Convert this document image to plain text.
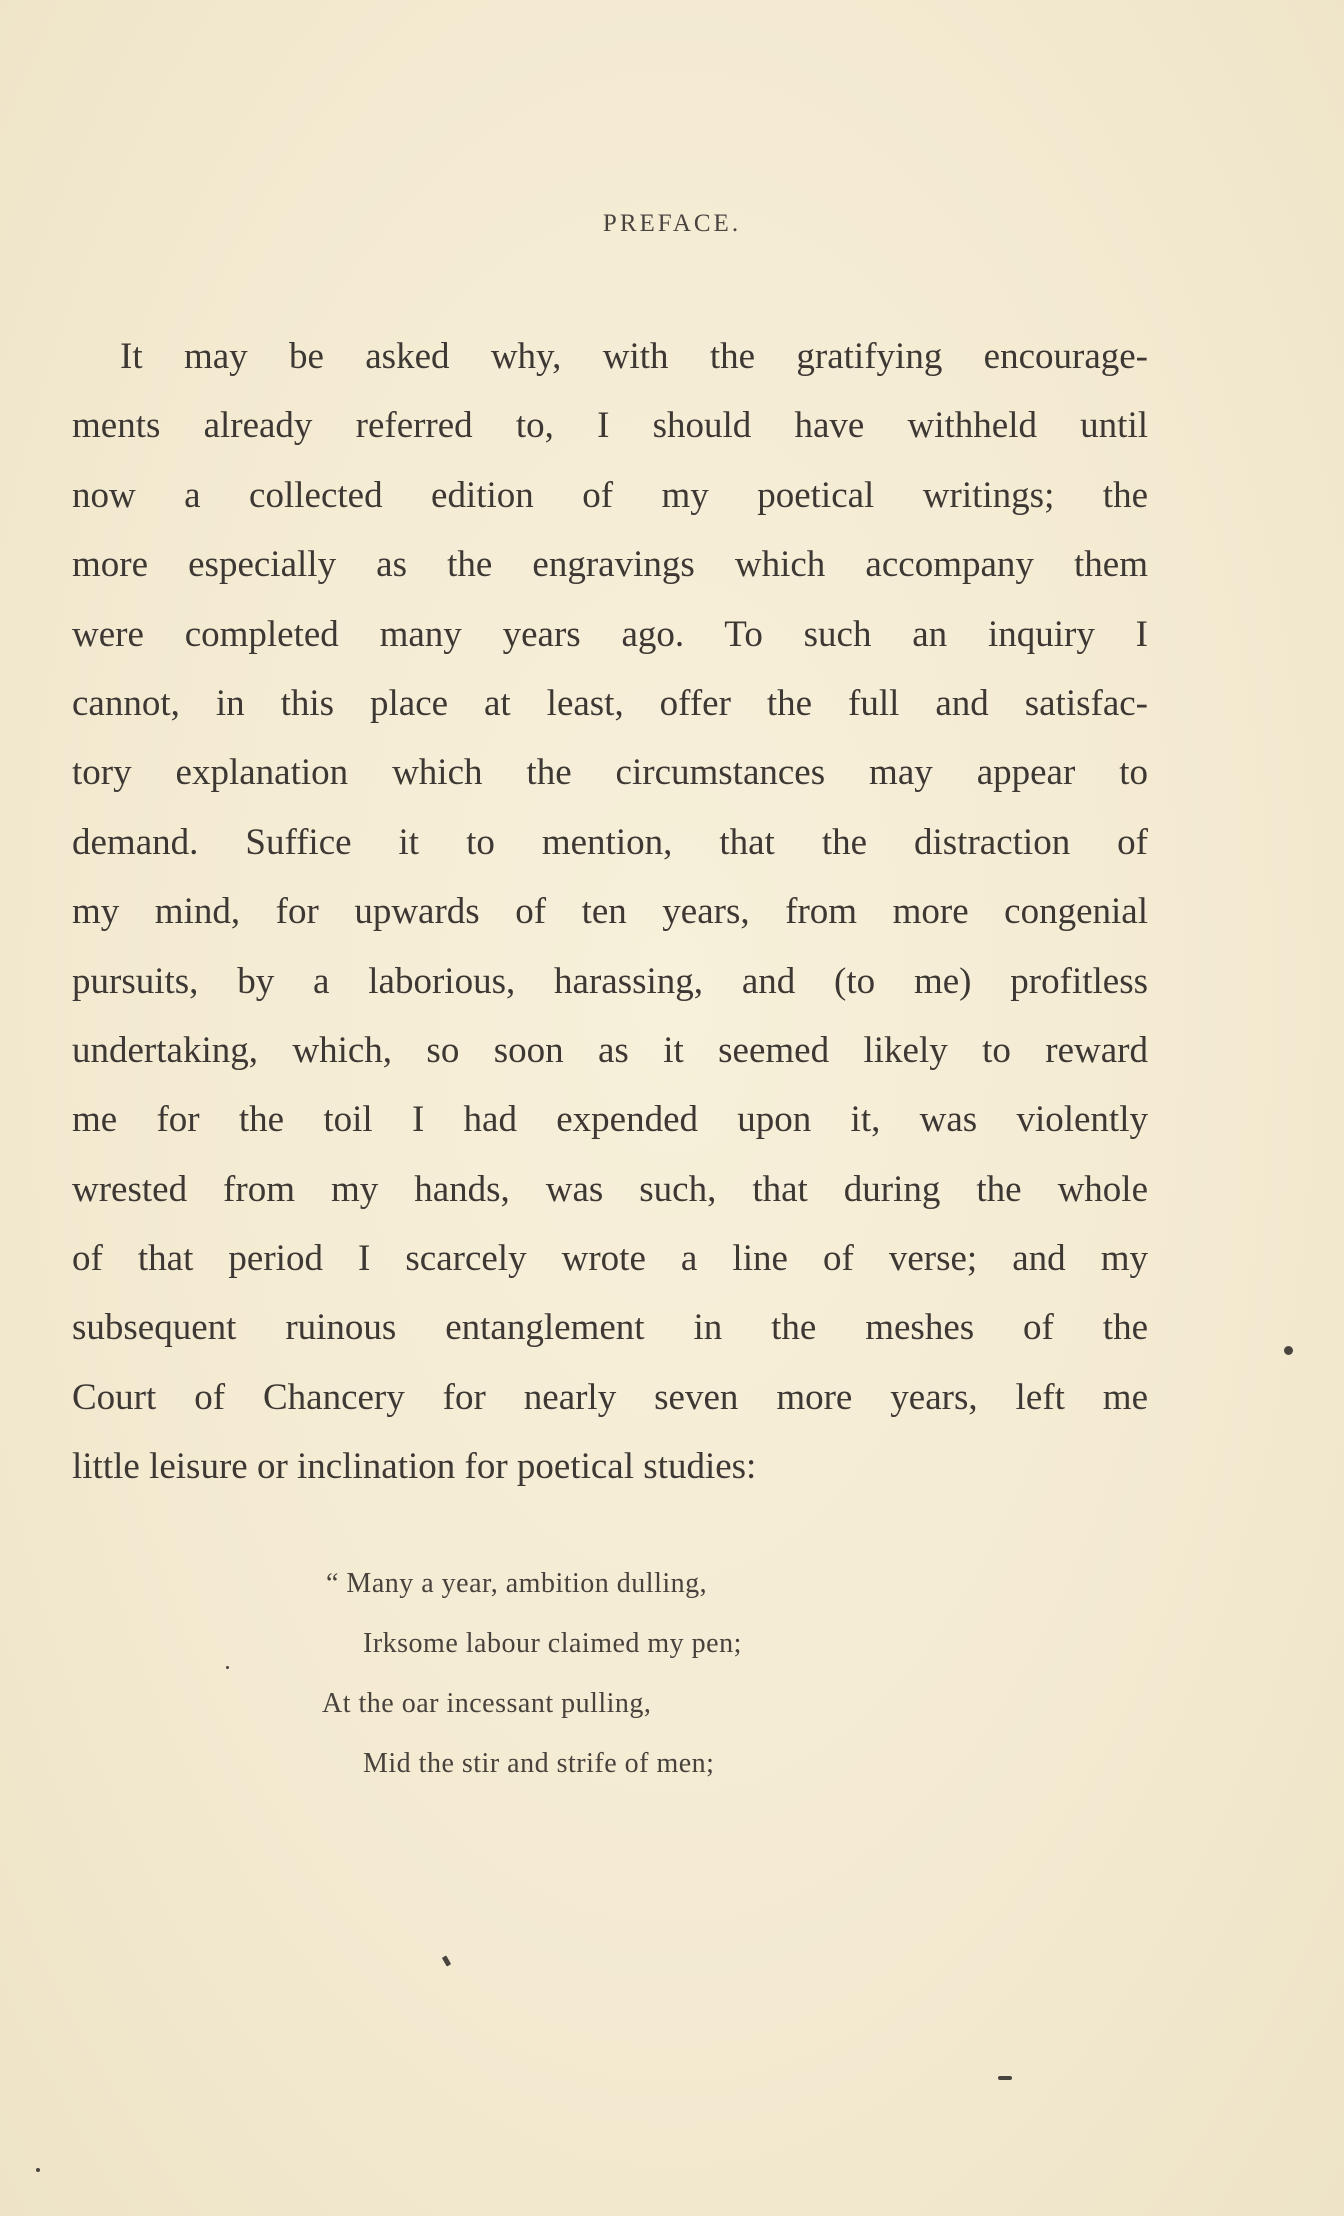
PREFACE.
It may be asked why, with the gratifying encourage-
ments already referred to, I should have withheld until
now a collected edition of my poetical writings; the
more especially as the engravings which accompany them
were completed many years ago. To such an inquiry I
cannot, in this place at least, offer the full and satisfac-
tory explanation which the circumstances may appear to
demand. Suffice it to mention, that the distraction of
my mind, for upwards of ten years, from more congenial
pursuits, by a laborious, harassing, and (to me) profitless
undertaking, which, so soon as it seemed likely to reward
me for the toil I had expended upon it, was violently
wrested from my hands, was such, that during the whole
of that period I scarcely wrote a line of verse; and my
subsequent ruinous entanglement in the meshes of the
Court of Chancery for nearly seven more years, left me
little leisure or inclination for poetical studies:
“ Many a year, ambition dulling,
Irksome labour claimed my pen;
At the oar incessant pulling,
Mid the stir and strife of men;
